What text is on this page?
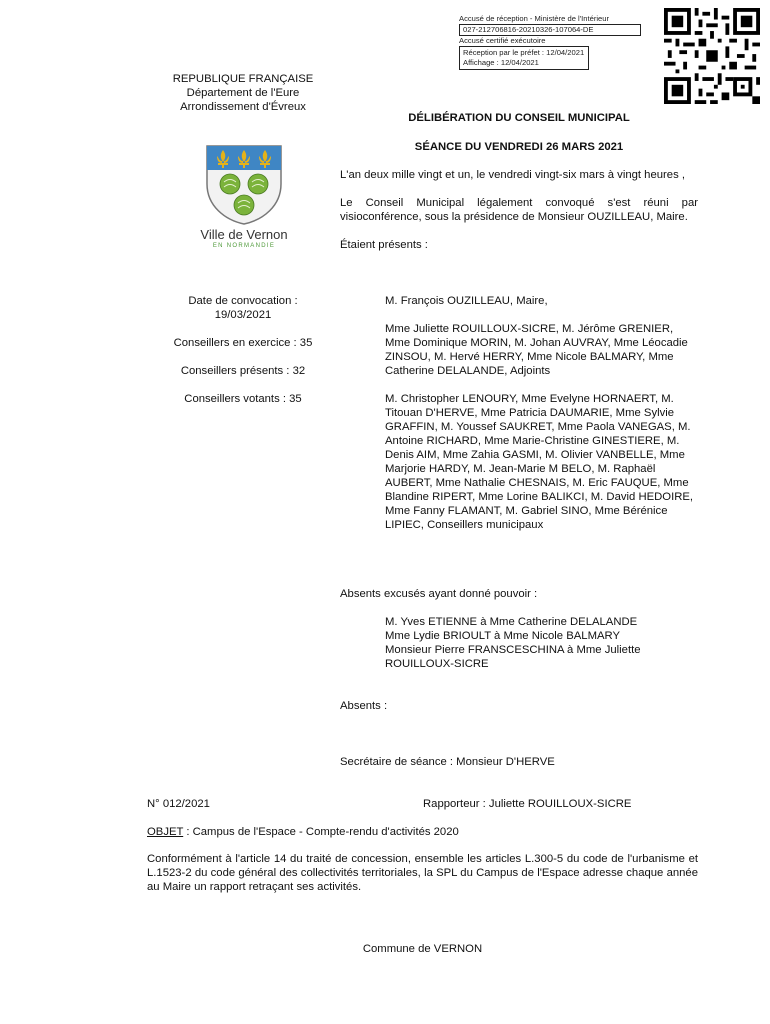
Accusé de réception - Ministère de l'Intérieur
027-212706816-20210326-107064-DE
Accusé certifié exécutoire
Réception par le préfet : 12/04/2021
Affichage : 12/04/2021
REPUBLIQUE FRANÇAISE
Département de l'Eure
Arrondissement d'Évreux
Ville de Vernon
EN NORMANDIE
DÉLIBÉRATION DU CONSEIL MUNICIPAL
SÉANCE DU VENDREDI 26 MARS 2021

L'an deux mille vingt et un, le vendredi vingt-six mars à vingt heures ,

Le Conseil Municipal légalement convoqué s'est réuni par visioconférence, sous la présidence de Monsieur OUZILLEAU, Maire.

Étaient présents :

M. François OUZILLEAU, Maire,

Mme Juliette ROUILLOUX-SICRE, M. Jérôme GRENIER, Mme Dominique MORIN, M. Johan AUVRAY, Mme Léocadie ZINSOU, M. Hervé HERRY, Mme Nicole BALMARY, Mme Catherine DELALANDE, Adjoints

M. Christopher LENOURY, Mme Evelyne HORNAERT, M. Titouan D'HERVE, Mme Patricia DAUMARIE, Mme Sylvie GRAFFIN, M. Youssef SAUKRET, Mme Paola VANEGAS, M. Antoine RICHARD, Mme Marie-Christine GINESTIERE, M. Denis AIM, Mme Zahia GASMI, M. Olivier VANBELLE, Mme Marjorie HARDY, M. Jean-Marie M BELO, M. Raphaël AUBERT, Mme Nathalie CHESNAIS, M. Eric FAUQUE, Mme Blandine RIPERT, Mme Lorine BALIKCI, M. David HEDOIRE, Mme Fanny FLAMANT, M. Gabriel SINO, Mme Bérénice LIPIEC, Conseillers municipaux

Date de convocation :
19/03/2021
Conseillers en exercice : 35
Conseillers présents : 32
Conseillers votants : 35
Absents excusés ayant donné pouvoir :
M. Yves ETIENNE à Mme Catherine DELALANDE
Mme Lydie BRIOULT à Mme Nicole BALMARY
Monsieur Pierre FRANSCESCHINA à Mme Juliette ROUILLOUX-SICRE
Absents :
Secrétaire de séance : Monsieur D'HERVE
N° 012/2021	Rapporteur : Juliette ROUILLOUX-SICRE
OBJET : Campus de l'Espace - Compte-rendu d'activités 2020
Conformément à l'article 14 du traité de concession, ensemble les articles L.300-5 du code de l'urbanisme et L.1523-2 du code général des collectivités territoriales, la SPL du Campus de l'Espace adresse chaque année au Maire un rapport retraçant ses activités.
Commune de VERNON
